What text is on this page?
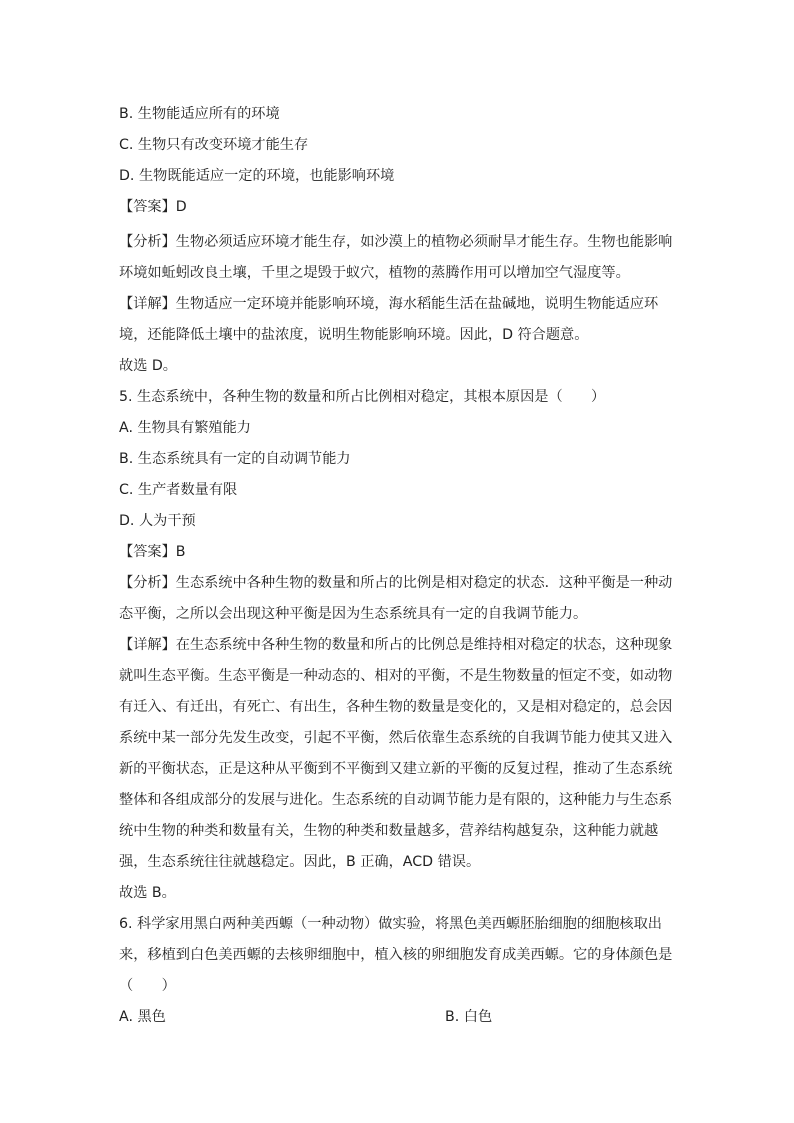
B. 生物能适应所有的环境
C. 生物只有改变环境才能生存
D. 生物既能适应一定的环境，也能影响环境
【答案】D
【分析】生物必须适应环境才能生存，如沙漠上的植物必须耐旱才能生存。生物也能影响
环境如蚯蚓改良土壤，千里之堤毁于蚁穴，植物的蒸腾作用可以增加空气湿度等。
【详解】生物适应一定环境并能影响环境，海水稻能生活在盐碱地，说明生物能适应环
境，还能降低土壤中的盐浓度，说明生物能影响环境。因此，D 符合题意。
故选 D。
5. 生态系统中，各种生物的数量和所占比例相对稳定，其根本原因是（　　）
A. 生物具有繁殖能力
B. 生态系统具有一定的自动调节能力
C. 生产者数量有限
D. 人为干预
【答案】B
【分析】生态系统中各种生物的数量和所占的比例是相对稳定的状态．这种平衡是一种动
态平衡，之所以会出现这种平衡是因为生态系统具有一定的自我调节能力。
【详解】在生态系统中各种生物的数量和所占的比例总是维持相对稳定的状态，这种现象
就叫生态平衡。生态平衡是一种动态的、相对的平衡，不是生物数量的恒定不变，如动物
有迁入、有迁出，有死亡、有出生，各种生物的数量是变化的，又是相对稳定的，总会因
系统中某一部分先发生改变，引起不平衡，然后依靠生态系统的自我调节能力使其又进入
新的平衡状态，正是这种从平衡到不平衡到又建立新的平衡的反复过程，推动了生态系统
整体和各组成部分的发展与进化。生态系统的自动调节能力是有限的，这种能力与生态系
统中生物的种类和数量有关，生物的种类和数量越多，营养结构越复杂，这种能力就越
强，生态系统往往就越稳定。因此，B 正确，ACD 错误。
故选 B。
6. 科学家用黑白两种美西螈（一种动物）做实验，将黑色美西螈胚胎细胞的细胞核取出
来，移植到白色美西螈的去核卵细胞中，植入核的卵细胞发育成美西螈。它的身体颜色是
（　　）
A. 黑色	B. 白色
